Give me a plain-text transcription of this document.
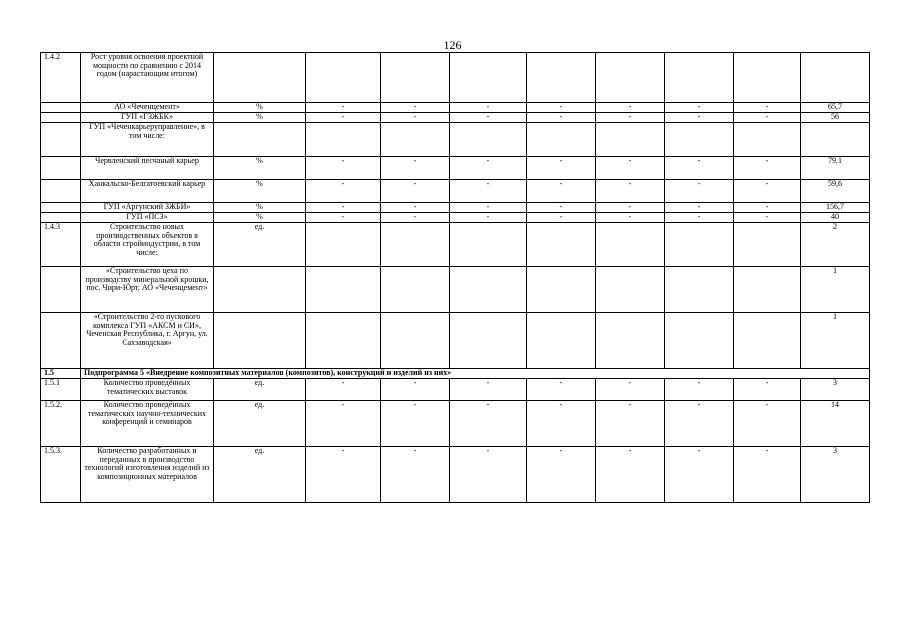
126
1.4.2	Рост уровня освоения проектной мощности по сравнению с 2014 годом (нарастающим итогом)									
	АО «Чеченцемент»	%	-	-	-	-	-	-	-	65,7
	ГУП «ГЗЖБК»	%	-	-	-	-	-	-	-	56
	ГУП «Чеченкарьеруправление», в том числе:									
	Червленский песчаный карьер	%	-	-	-	-	-	-	-	79,1
	Ханкальско-Белгатоевский карьер	%	-	-	-	-	-	-	-	59,6
	ГУП «Аргунский ЗЖБИ»	%	-	-	-	-	-	-	-	156,7
	ГУП «ПСЗ»	%	-	-	-	-	-	-	-	40
1.4.3	Строительство новых производственных объектов в области стройиндустрии, в том числе:	ед.								2
	«Строительство цеха по производству минеральной крошки, пос. Чири-Юрт, АО «Чеченцемент»									1
	«Строительство 2-го пускового комплекса ГУП «АКСМ и СИ», Чеченская Республика, г. Аргун, ул. Сахзаводская»									1
1.5	Подпрограмма 5 «Внедрение композитных материалов (композитов), конструкций и изделий из них»									
1.5.1	Количество проведённых тематических выставок	ед.	-	-	-	-	-	-	-	3
1.5.2.	Количество проведённых тематических научно-технических конференций и семинаров	ед.	-	-	-	-	-	-	-	14
1.5.3.	Количество разработанных и переданных в производство технологий изготовления изделий из композиционных материалов	ед.	-	-	-	-	-	-	-	3
